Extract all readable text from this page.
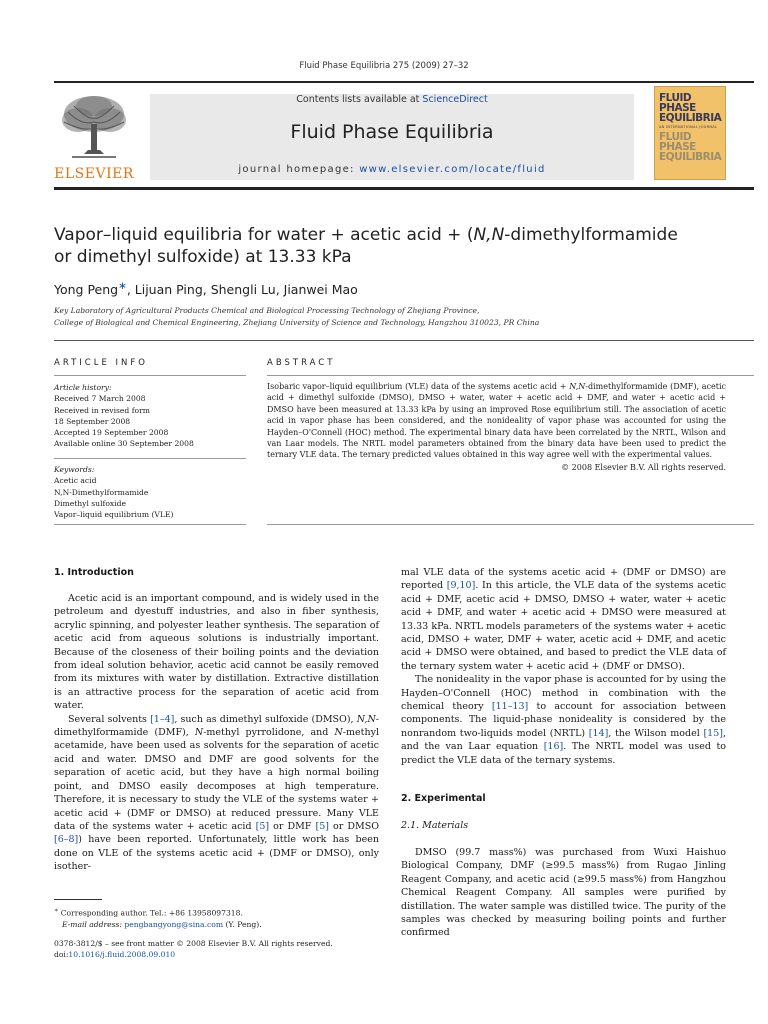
Fluid Phase Equilibria 275 (2009) 27–32
ELSEVIER
Contents lists available at ScienceDirect
Fluid Phase Equilibria
journal homepage: www.elsevier.com/locate/fluid
FLUID PHASE
EQUILIBRIA
AN INTERNATIONAL JOURNAL
FLUID PHASE
EQUILIBRIA
Vapor–liquid equilibria for water + acetic acid + (N,N-dimethylformamide
or dimethyl sulfoxide) at 13.33 kPa
Yong Peng∗, Lijuan Ping, Shengli Lu, Jianwei Mao
Key Laboratory of Agricultural Products Chemical and Biological Processing Technology of Zhejiang Province,
College of Biological and Chemical Engineering, Zhejiang University of Science and Technology, Hangzhou 310023, PR China
ARTICLE INFO
Article history:
Received 7 March 2008
Received in revised form
18 September 2008
Accepted 19 September 2008
Available online 30 September 2008
Keywords:
Acetic acid
N,N-Dimethylformamide
Dimethyl sulfoxide
Vapor–liquid equilibrium (VLE)
ABSTRACT
Isobaric vapor–liquid equilibrium (VLE) data of the systems acetic acid + N,N-dimethylformamide (DMF), acetic acid + dimethyl sulfoxide (DMSO), DMSO + water, water + acetic acid + DMF, and water + acetic acid + DMSO have been measured at 13.33 kPa by using an improved Rose equilibrium still. The association of acetic acid in vapor phase has been considered, and the nonideality of vapor phase was accounted for using the Hayden–O'Connell (HOC) method. The experimental binary data have been correlated by the NRTL, Wilson and van Laar models. The NRTL model parameters obtained from the binary data have been used to predict the ternary VLE data. The ternary predicted values obtained in this way agree well with the experimental values.
© 2008 Elsevier B.V. All rights reserved.
1. Introduction

Acetic acid is an important compound, and is widely used in the petroleum and dyestuff industries, and also in fiber synthesis, acrylic spinning, and polyester leather synthesis. The separation of acetic acid from aqueous solutions is industrially important. Because of the closeness of their boiling points and the deviation from ideal solution behavior, acetic acid cannot be easily removed from its mixtures with water by distillation. Extractive distillation is an attractive process for the separation of acetic acid from water.

Several solvents [1–4], such as dimethyl sulfoxide (DMSO), N,N-dimethylformamide (DMF), N-methyl pyrrolidone, and N-methyl acetamide, have been used as solvents for the separation of acetic acid and water. DMSO and DMF are good solvents for the separation of acetic acid, but they have a high normal boiling point, and DMSO easily decomposes at high temperature. Therefore, it is necessary to study the VLE of the systems water + acetic acid + (DMF or DMSO) at reduced pressure. Many VLE data of the systems water + acetic acid [5] or DMF [5] or DMSO [6–8]) have been reported. Unfortunately, little work has been done on VLE of the systems acetic acid + (DMF or DMSO), only isother-

mal VLE data of the systems acetic acid + (DMF or DMSO) are reported [9,10]. In this article, the VLE data of the systems acetic acid + DMF, acetic acid + DMSO, DMSO + water, water + acetic acid + DMF, and water + acetic acid + DMSO were measured at 13.33 kPa. NRTL models parameters of the systems water + acetic acid, DMSO + water, DMF + water, acetic acid + DMF, and acetic acid + DMSO were obtained, and based to predict the VLE data of the ternary system water + acetic acid + (DMF or DMSO).

The nonideality in the vapor phase is accounted for by using the Hayden–O'Connell (HOC) method in combination with the chemical theory [11–13] to account for association between components. The liquid-phase nonideality is considered by the nonrandom two-liquids model (NRTL) [14], the Wilson model [15], and the van Laar equation [16]. The NRTL model was used to predict the VLE data of the ternary systems.

2. Experimental
2.1. Materials

DMSO (99.7 mass%) was purchased from Wuxi Haishuo Biological Company, DMF (≥99.5 mass%) from Rugao Jinling Reagent Company, and acetic acid (≥99.5 mass%) from Hangzhou Chemical Reagent Company. All samples were purified by distillation. The water sample was distilled twice. The purity of the samples was checked by measuring boiling points and further confirmed

∗ Corresponding author. Tel.: +86 13958097318.
E-mail address: pengbangyong@sina.com (Y. Peng).
0378-3812/$ – see front matter © 2008 Elsevier B.V. All rights reserved.
doi:10.1016/j.fluid.2008.09.010
